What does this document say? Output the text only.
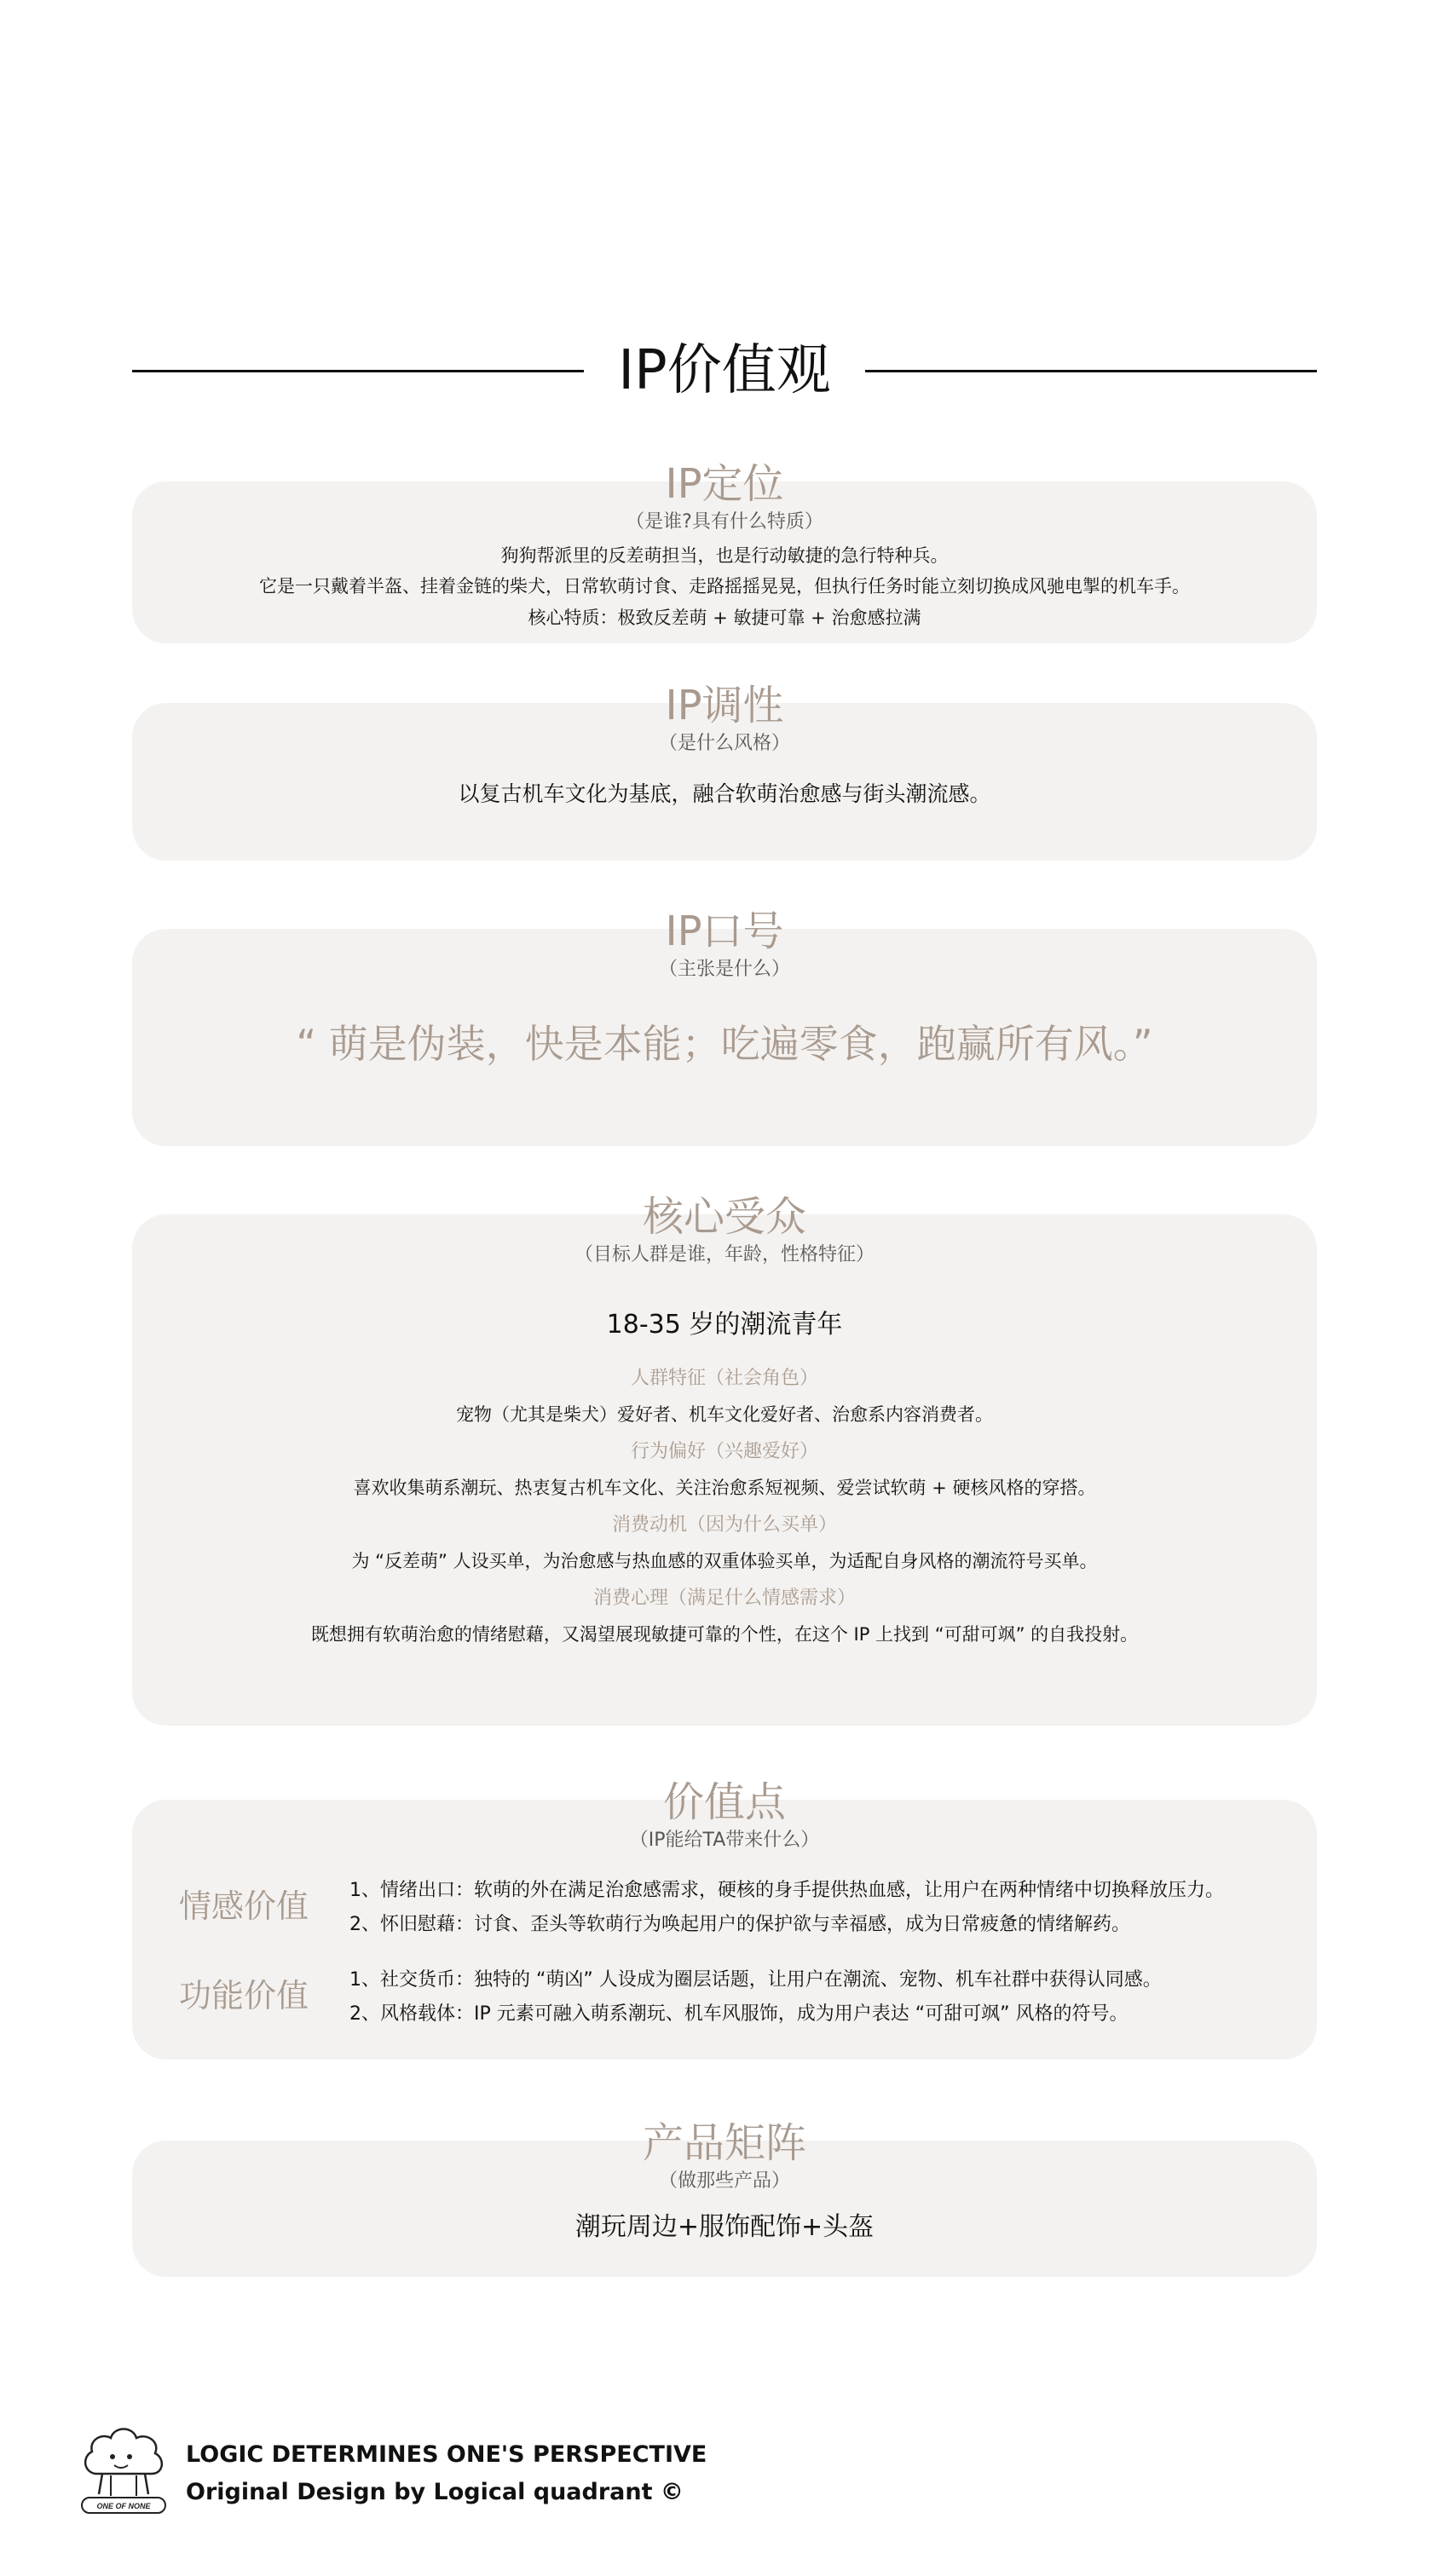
IP价值观
IP定位
（是谁?具有什么特质）
狗狗帮派里的反差萌担当，也是行动敏捷的急行特种兵。
它是一只戴着半盔、挂着金链的柴犬，日常软萌讨食、走路摇摇晃晃，但执行任务时能立刻切换成风驰电掣的机车手。
核心特质：极致反差萌 + 敏捷可靠 + 治愈感拉满
IP调性
（是什么风格）
以复古机车文化为基底，融合软萌治愈感与街头潮流感。
IP口号
（主张是什么）
“ 萌是伪装，快是本能；吃遍零食，跑赢所有风。”
核心受众
（目标人群是谁，年龄，性格特征）
18-35 岁的潮流青年
人群特征（社会角色）
宠物（尤其是柴犬）爱好者、机车文化爱好者、治愈系内容消费者。
行为偏好（兴趣爱好）
喜欢收集萌系潮玩、热衷复古机车文化、关注治愈系短视频、爱尝试软萌 + 硬核风格的穿搭。
消费动机（因为什么买单）
为 “反差萌” 人设买单，为治愈感与热血感的双重体验买单，为适配自身风格的潮流符号买单。
消费心理（满足什么情感需求）
既想拥有软萌治愈的情绪慰藉，又渴望展现敏捷可靠的个性，在这个 IP 上找到 “可甜可飒” 的自我投射。
价值点
（IP能给TA带来什么）
情感价值	1、情绪出口：软萌的外在满足治愈感需求，硬核的身手提供热血感，让用户在两种情绪中切换释放压力。
2、怀旧慰藉：讨食、歪头等软萌行为唤起用户的保护欲与幸福感，成为日常疲惫的情绪解药。
功能价值	1、社交货币：独特的 “萌凶” 人设成为圈层话题，让用户在潮流、宠物、机车社群中获得认同感。
2、风格载体：IP 元素可融入萌系潮玩、机车风服饰，成为用户表达 “可甜可飒” 风格的符号。
产品矩阵
（做那些产品）
潮玩周边+服饰配饰+头盔
ONE OF NONE
LOGIC DETERMINES ONE'S PERSPECTIVE
Original Design by Logical quadrant ©
